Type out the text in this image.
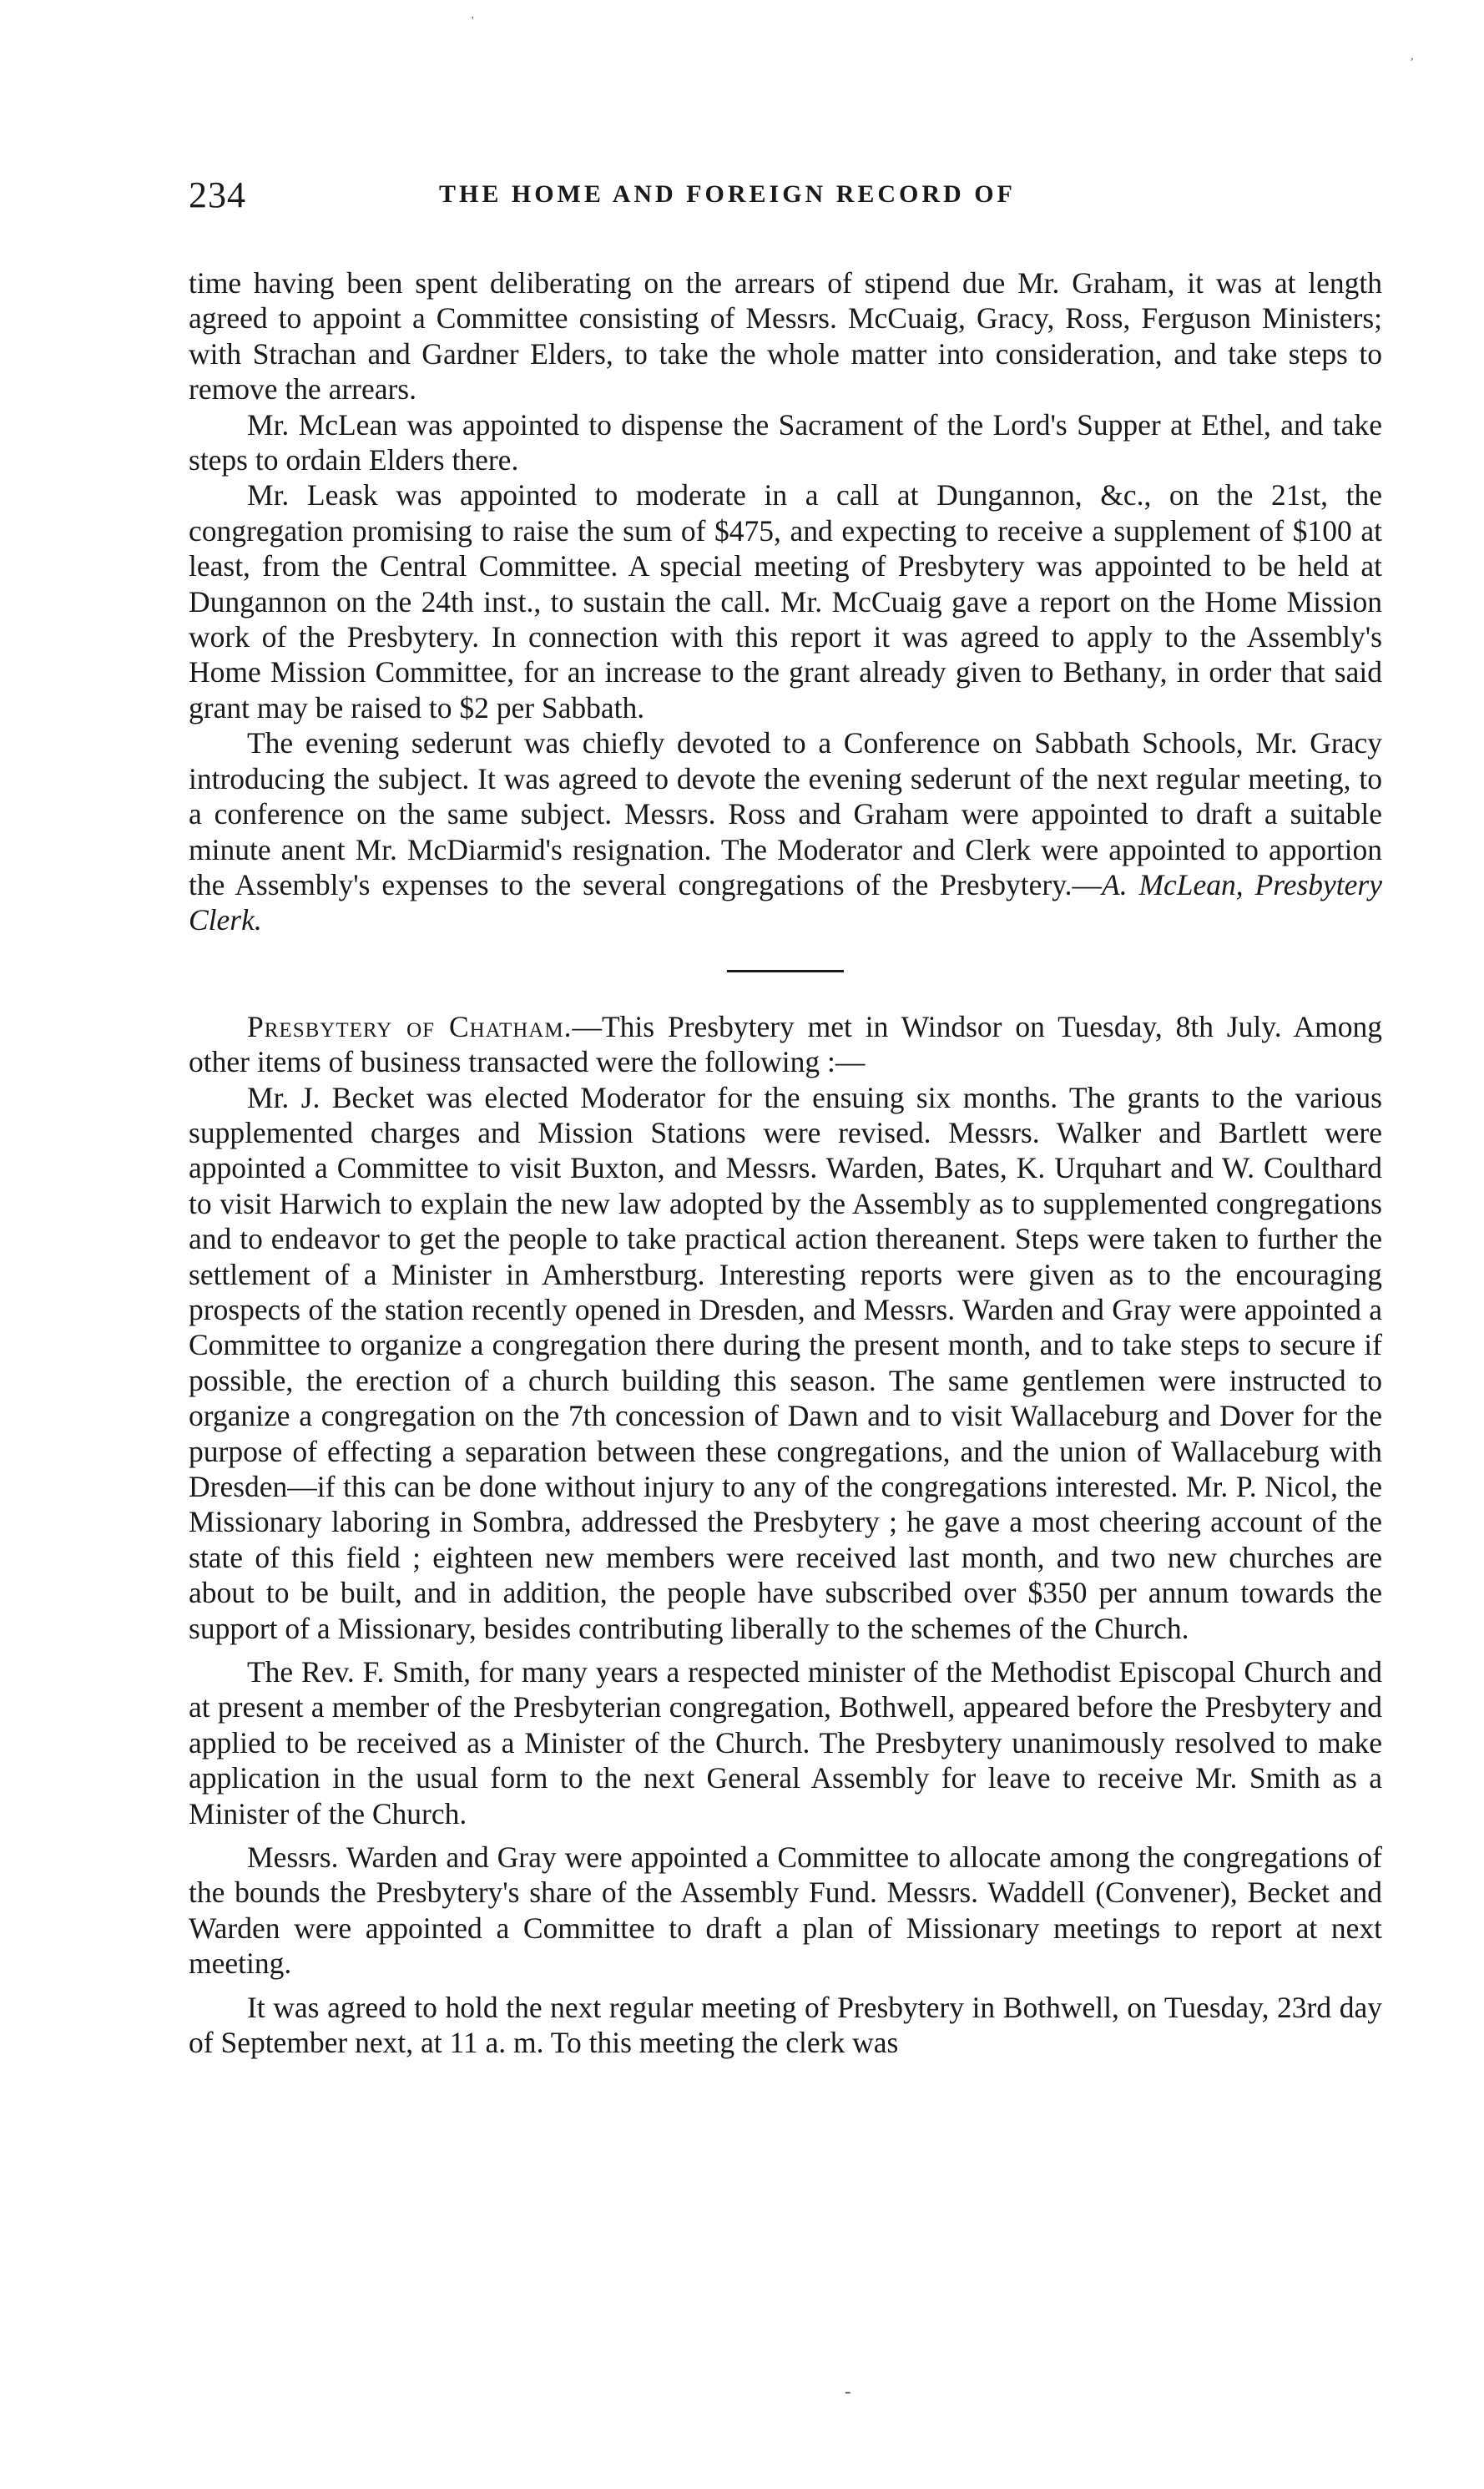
234	THE HOME AND FOREIGN RECORD OF

time having been spent deliberating on the arrears of stipend due Mr. Graham, it was at length agreed to appoint a Committee consisting of Messrs. McCuaig, Gracy, Ross, Ferguson Ministers; with Strachan and Gardner Elders, to take the whole matter into consideration, and take steps to remove the arrears.

Mr. McLean was appointed to dispense the Sacrament of the Lord's Supper at Ethel, and take steps to ordain Elders there.

Mr. Leask was appointed to moderate in a call at Dungannon, &c., on the 21st, the congregation promising to raise the sum of $475, and expecting to receive a supplement of $100 at least, from the Central Committee. A special meeting of Presbytery was appointed to be held at Dungannon on the 24th inst., to sustain the call. Mr. McCuaig gave a report on the Home Mission work of the Presbytery. In connection with this report it was agreed to apply to the Assembly's Home Mission Committee, for an increase to the grant already given to Bethany, in order that said grant may be raised to $2 per Sabbath.

The evening sederunt was chiefly devoted to a Conference on Sabbath Schools, Mr. Gracy introducing the subject. It was agreed to devote the evening sederunt of the next regular meeting, to a conference on the same subject. Messrs. Ross and Graham were appointed to draft a suitable minute anent Mr. McDiarmid's resignation. The Moderator and Clerk were appointed to apportion the Assembly's expenses to the several congregations of the Presbytery.—A. McLean, Presbytery Clerk.

Presbytery of Chatham.—This Presbytery met in Windsor on Tuesday, 8th July. Among other items of business transacted were the following :—

Mr. J. Becket was elected Moderator for the ensuing six months. The grants to the various supplemented charges and Mission Stations were revised. Messrs. Walker and Bartlett were appointed a Committee to visit Buxton, and Messrs. Warden, Bates, K. Urquhart and W. Coulthard to visit Harwich to explain the new law adopted by the Assembly as to supplemented congregations and to endeavor to get the people to take practical action thereanent. Steps were taken to further the settlement of a Minister in Amherstburg. Interesting reports were given as to the encouraging prospects of the station recently opened in Dresden, and Messrs. Warden and Gray were appointed a Committee to organize a congregation there during the present month, and to take steps to secure if possible, the erection of a church building this season. The same gentlemen were instructed to organize a congregation on the 7th concession of Dawn and to visit Wallaceburg and Dover for the purpose of effecting a separation between these congregations, and the union of Wallaceburg with Dresden—if this can be done without injury to any of the congregations interested. Mr. P. Nicol, the Missionary laboring in Sombra, addressed the Presbytery ; he gave a most cheering account of the state of this field ; eighteen new members were received last month, and two new churches are about to be built, and in addition, the people have subscribed over $350 per annum towards the support of a Missionary, besides contributing liberally to the schemes of the Church.

The Rev. F. Smith, for many years a respected minister of the Methodist Episcopal Church and at present a member of the Presbyterian congregation, Bothwell, appeared before the Presbytery and applied to be received as a Minister of the Church. The Presbytery unanimously resolved to make application in the usual form to the next General Assembly for leave to receive Mr. Smith as a Minister of the Church.

Messrs. Warden and Gray were appointed a Committee to allocate among the congregations of the bounds the Presbytery's share of the Assembly Fund. Messrs. Waddell (Convener), Becket and Warden were appointed a Committee to draft a plan of Missionary meetings to report at next meeting.

It was agreed to hold the next regular meeting of Presbytery in Bothwell, on Tuesday, 23rd day of September next, at 11 a. m. To this meeting the clerk was

'
,
-
